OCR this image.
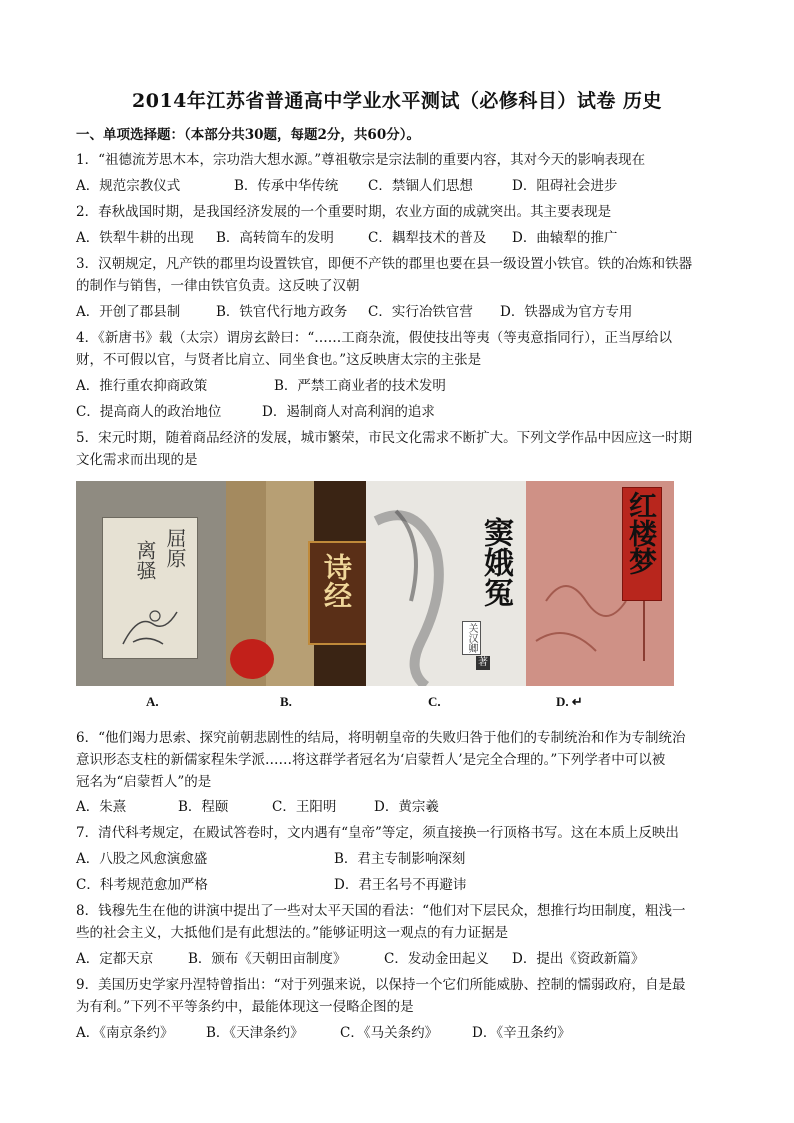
2014年江苏省普通高中学业水平测试（必修科目）试卷 历史
一、单项选择题：（本部分共30题，每题2分，共60分）。
1．“祖德流芳思木本，宗功浩大想水源。”尊祖敬宗是宗法制的重要内容，其对今天的影响表现在
A．规范宗教仪式	B．传承中华传统 C．禁锢人们思想	D．阻碍社会进步
2．春秋战国时期，是我国经济发展的一个重要时期，农业方面的成就突出。其主要表现是
A．铁犁牛耕的出现 B．高转筒车的发明	C．耦犁技术的普及 D．曲辕犁的推广
3．汉朝规定，凡产铁的郡里均设置铁官，即便不产铁的郡里也要在县一级设置小铁官。铁的冶炼和铁器
的制作与销售，一律由铁官负责。这反映了汉朝
A．开创了郡县制	B．铁官代行地方政务 C．实行冶铁官营 D．铁器成为官方专用
4．《新唐书》载（太宗）谓房玄龄曰：“……工商杂流，假使技出等夷（等夷意指同行），正当厚给以
财，不可假以官，与贤者比肩立、同坐食也。”这反映唐太宗的主张是
A．推行重农抑商政策	B．严禁工商业者的技术发明
C．提高商人的政治地位	D．遏制商人对高利润的追求
5．宋元时期，随着商品经济的发展，城市繁荣，市民文化需求不断扩大。下列文学作品中因应这一时期
文化需求而出现的是
屈原
离骚	诗经	窦娥冤
关汉卿
著
红楼梦
A.	B.	C.	D. ↵
6．“他们竭力思索、探究前朝悲剧性的结局，将明朝皇帝的失败归咎于他们的专制统治和作为专制统治
意识形态支柱的新儒家程朱学派……将这群学者冠名为‘启蒙哲人’是完全合理的。”下列学者中可以被
冠名为“启蒙哲人”的是
A．朱熹	B．程颐	C．王阳明	D．黄宗羲
7．清代科考规定，在殿试答卷时，文内遇有“皇帝”等定，须直接换一行顶格书写。这在本质上反映出
A．八股之风愈演愈盛	B．君主专制影响深刻
C．科考规范愈加严格	D．君王名号不再避讳
8．钱穆先生在他的讲演中提出了一些对太平天国的看法：“他们对下层民众，想推行均田制度，粗浅一
些的社会主义，大抵他们是有此想法的。”能够证明这一观点的有力证据是
A．定都天京	B．颁布《天朝田亩制度》	C．发动金田起义 D．提出《资政新篇》
9．美国历史学家丹涅特曾指出：“对于列强来说，以保持一个它们所能威胁、控制的懦弱政府，自是最
为有利。”下列不平等条约中，最能体现这一侵略企图的是
A．《南京条约》 B．《天津条约》	C．《马关条约》	D．《辛丑条约》
